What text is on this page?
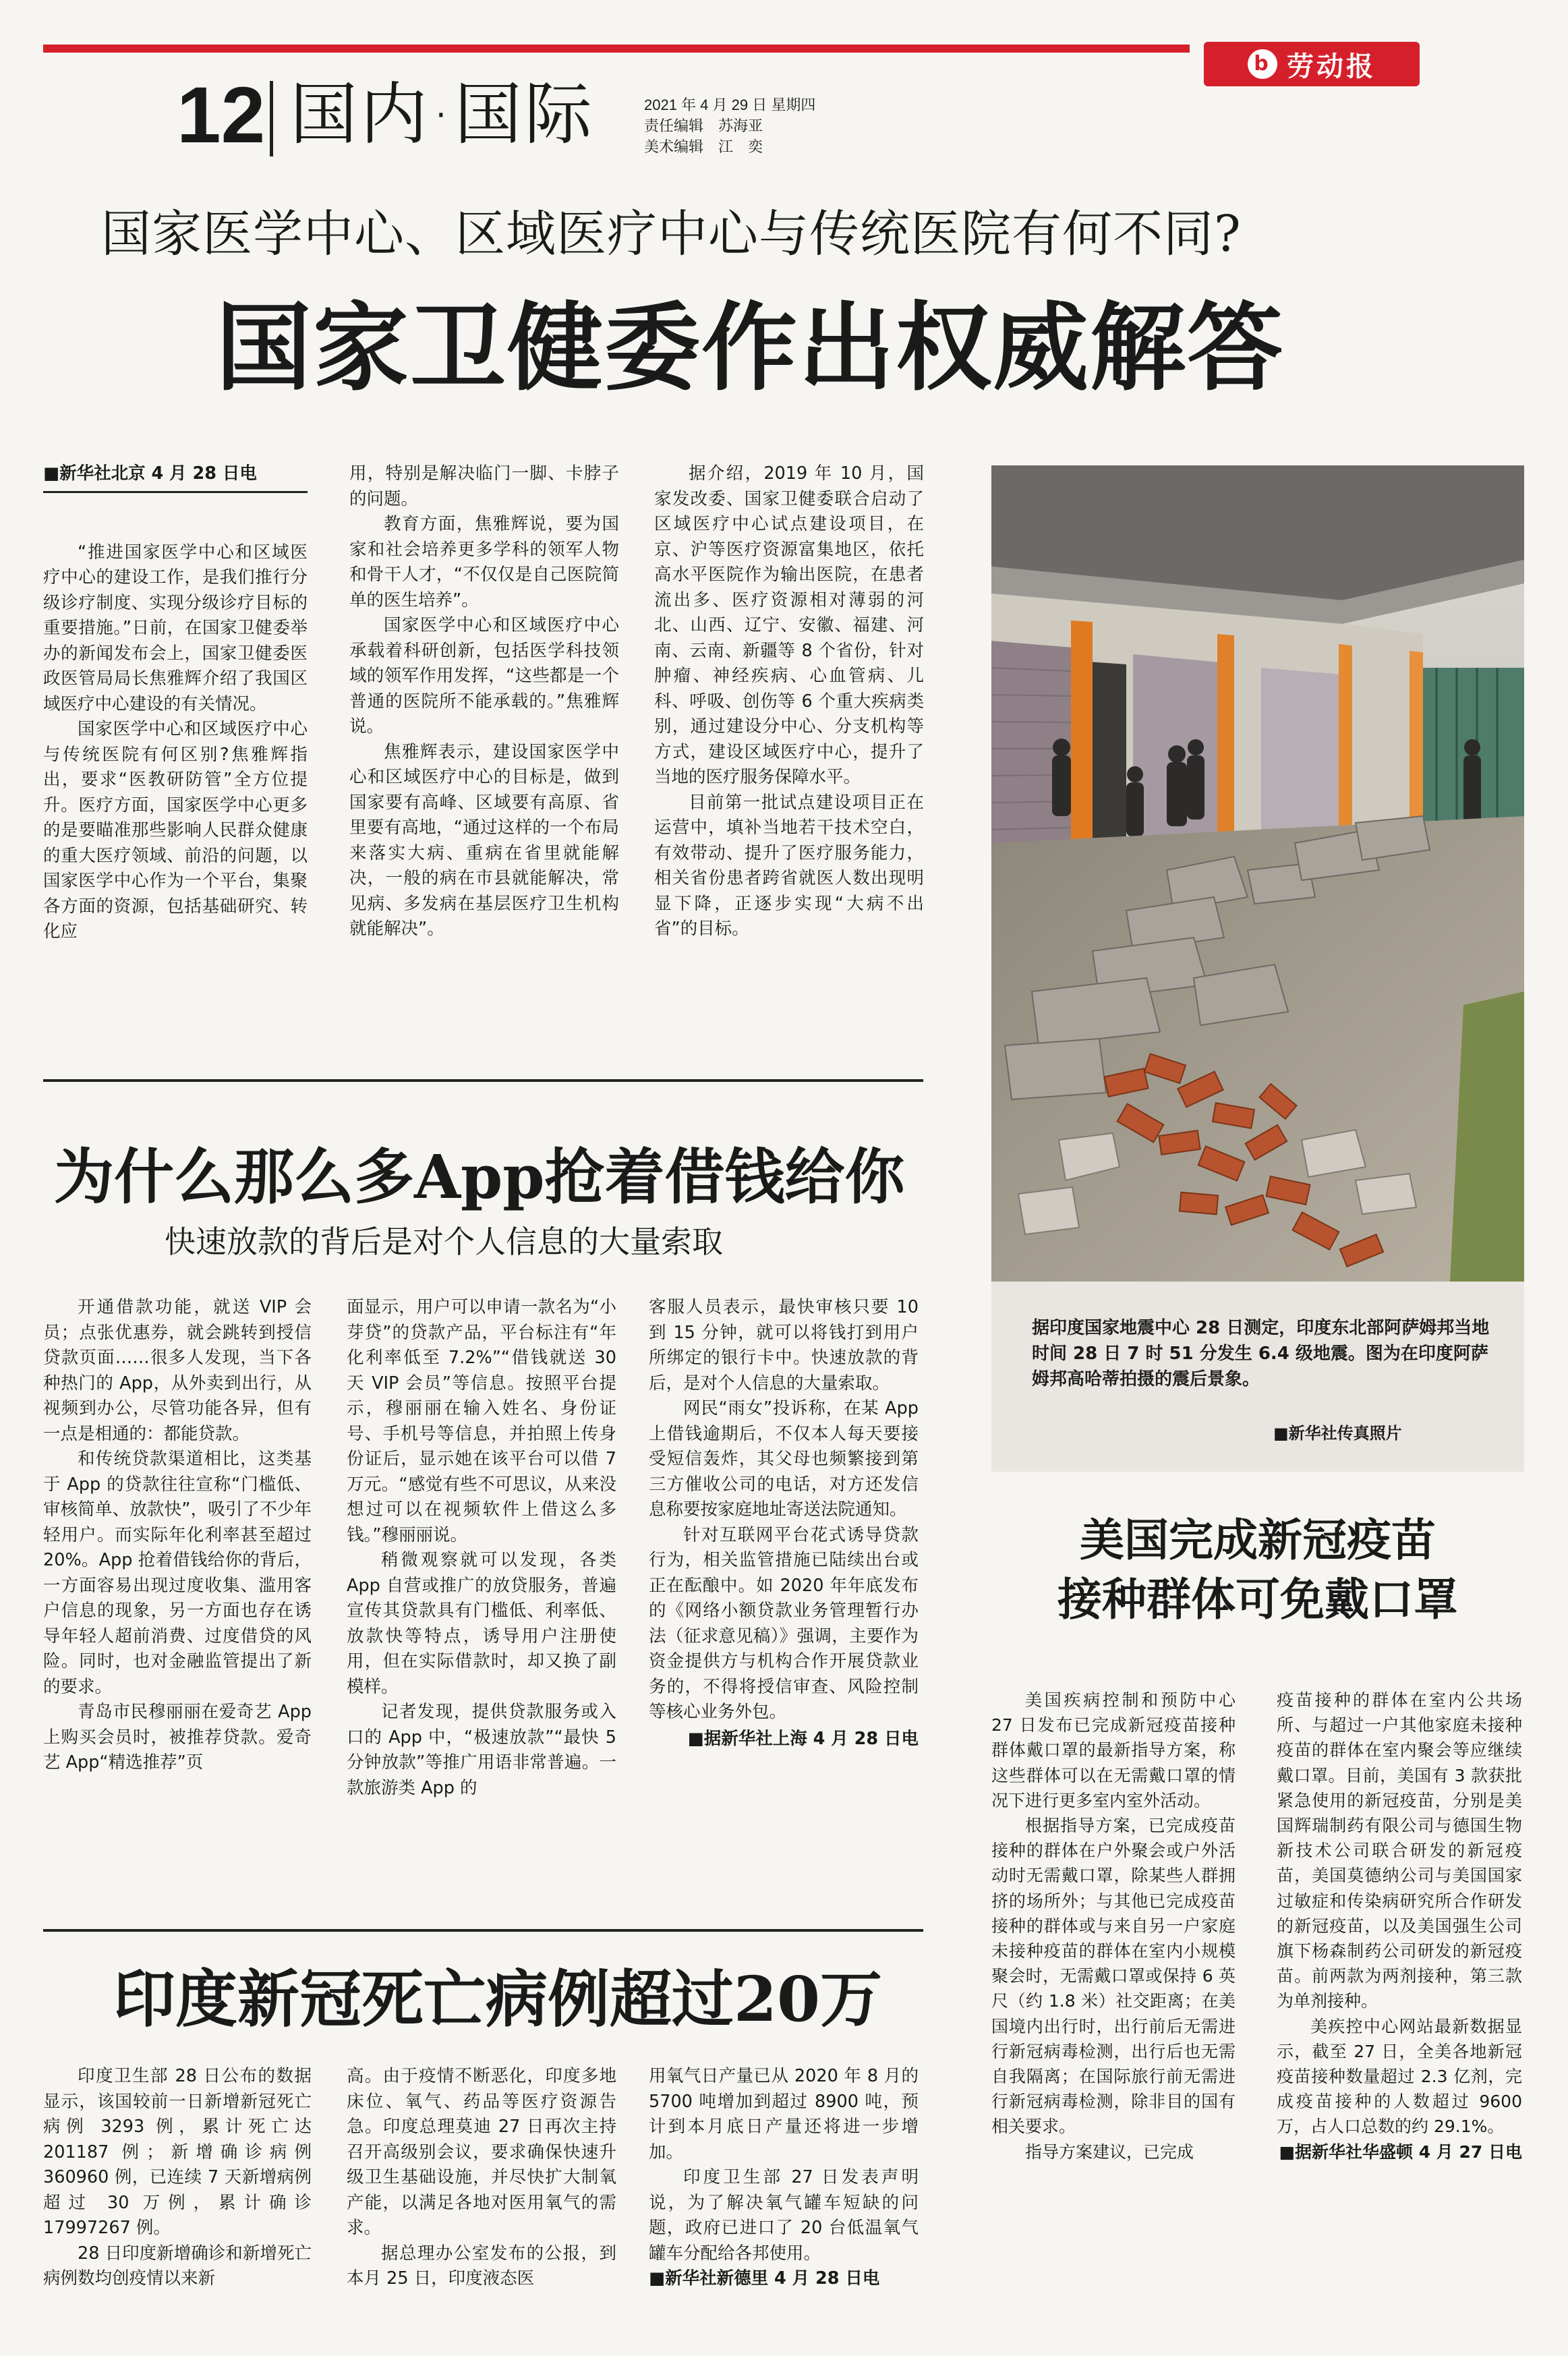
b 劳动报
12 国内·国际	2021 年 4 月 29 日 星期四
责任编辑　苏海亚
美术编辑　江　奕
国家医学中心、区域医疗中心与传统医院有何不同?
国家卫健委作出权威解答

■新华社北京 4 月 28 日电

“推进国家医学中心和区域医疗中心的建设工作，是我们推行分级诊疗制度、实现分级诊疗目标的重要措施。”日前，在国家卫健委举办的新闻发布会上，国家卫健委医政医管局局长焦雅辉介绍了我国区域医疗中心建设的有关情况。

国家医学中心和区域医疗中心与传统医院有何区别?焦雅辉指出，要求“医教研防管”全方位提升。医疗方面，国家医学中心更多的是要瞄准那些影响人民群众健康的重大医疗领域、前沿的问题，以国家医学中心作为一个平台，集聚各方面的资源，包括基础研究、转化应

用，特别是解决临门一脚、卡脖子的问题。

教育方面，焦雅辉说，要为国家和社会培养更多学科的领军人物和骨干人才，“不仅仅是自己医院简单的医生培养”。

国家医学中心和区域医疗中心承载着科研创新，包括医学科技领域的领军作用发挥，“这些都是一个普通的医院所不能承载的。”焦雅辉说。

焦雅辉表示，建设国家医学中心和区域医疗中心的目标是，做到国家要有高峰、区域要有高原、省里要有高地，“通过这样的一个布局来落实大病、重病在省里就能解决，一般的病在市县就能解决，常见病、多发病在基层医疗卫生机构就能解决”。

据介绍，2019 年 10 月，国家发改委、国家卫健委联合启动了区域医疗中心试点建设项目，在京、沪等医疗资源富集地区，依托高水平医院作为输出医院，在患者流出多、医疗资源相对薄弱的河北、山西、辽宁、安徽、福建、河南、云南、新疆等 8 个省份，针对肿瘤、神经疾病、心血管病、儿科、呼吸、创伤等 6 个重大疾病类别，通过建设分中心、分支机构等方式，建设区域医疗中心，提升了当地的医疗服务保障水平。

目前第一批试点建设项目正在运营中，填补当地若干技术空白，有效带动、提升了医疗服务能力，相关省份患者跨省就医人数出现明显下降，正逐步实现“大病不出省”的目标。

据印度国家地震中心 28 日测定，印度东北部阿萨姆邦当地时间 28 日 7 时 51 分发生 6.4 级地震。图为在印度阿萨姆邦高哈蒂拍摄的震后景象。
■新华社传真照片
为什么那么多App抢着借钱给你
快速放款的背后是对个人信息的大量索取

开通借款功能，就送 VIP 会员；点张优惠券，就会跳转到授信贷款页面……很多人发现，当下各种热门的 App，从外卖到出行，从视频到办公，尽管功能各异，但有一点是相通的：都能贷款。

和传统贷款渠道相比，这类基于 App 的贷款往往宣称“门槛低、审核简单、放款快”，吸引了不少年轻用户。而实际年化利率甚至超过 20%。App 抢着借钱给你的背后，一方面容易出现过度收集、滥用客户信息的现象，另一方面也存在诱导年轻人超前消费、过度借贷的风险。同时，也对金融监管提出了新的要求。

青岛市民穆丽丽在爱奇艺 App 上购买会员时，被推荐贷款。爱奇艺 App“精选推荐”页

面显示，用户可以申请一款名为“小芽贷”的贷款产品，平台标注有“年化利率低至 7.2%”“借钱就送 30 天 VIP 会员”等信息。按照平台提示，穆丽丽在输入姓名、身份证号、手机号等信息，并拍照上传身份证后，显示她在该平台可以借 7 万元。“感觉有些不可思议，从来没想过可以在视频软件上借这么多钱。”穆丽丽说。

稍微观察就可以发现，各类 App 自营或推广的放贷服务，普遍宣传其贷款具有门槛低、利率低、放款快等特点，诱导用户注册使用，但在实际借款时，却又换了副模样。

记者发现，提供贷款服务或入口的 App 中，“极速放款”“最快 5 分钟放款”等推广用语非常普遍。一款旅游类 App 的

客服人员表示，最快审核只要 10 到 15 分钟，就可以将钱打到用户所绑定的银行卡中。快速放款的背后，是对个人信息的大量索取。

网民“雨女”投诉称，在某 App 上借钱逾期后，不仅本人每天要接受短信轰炸，其父母也频繁接到第三方催收公司的电话，对方还发信息称要按家庭地址寄送法院通知。

针对互联网平台花式诱导贷款行为，相关监管措施已陆续出台或正在酝酿中。如 2020 年年底发布的《网络小额贷款业务管理暂行办法（征求意见稿）》强调，主要作为资金提供方与机构合作开展贷款业务的，不得将授信审查、风险控制等核心业务外包。

■据新华社上海 4 月 28 日电

美国完成新冠疫苗
接种群体可免戴口罩

美国疾病控制和预防中心 27 日发布已完成新冠疫苗接种群体戴口罩的最新指导方案，称这些群体可以在无需戴口罩的情况下进行更多室内室外活动。

根据指导方案，已完成疫苗接种的群体在户外聚会或户外活动时无需戴口罩，除某些人群拥挤的场所外；与其他已完成疫苗接种的群体或与来自另一户家庭未接种疫苗的群体在室内小规模聚会时，无需戴口罩或保持 6 英尺（约 1.8 米）社交距离；在美国境内出行时，出行前后无需进行新冠病毒检测，出行后也无需自我隔离；在国际旅行前无需进行新冠病毒检测，除非目的国有相关要求。

指导方案建议，已完成

疫苗接种的群体在室内公共场所、与超过一户其他家庭未接种疫苗的群体在室内聚会等应继续戴口罩。目前，美国有 3 款获批紧急使用的新冠疫苗，分别是美国辉瑞制药有限公司与德国生物新技术公司联合研发的新冠疫苗，美国莫德纳公司与美国国家过敏症和传染病研究所合作研发的新冠疫苗，以及美国强生公司旗下杨森制药公司研发的新冠疫苗。前两款为两剂接种，第三款为单剂接种。

美疾控中心网站最新数据显示，截至 27 日，全美各地新冠疫苗接种数量超过 2.3 亿剂，完成疫苗接种的人数超过 9600 万，占人口总数的约 29.1%。

■据新华社华盛顿 4 月 27 日电

印度新冠死亡病例超过20万

印度卫生部 28 日公布的数据显示，该国较前一日新增新冠死亡病例 3293 例，累计死亡达 201187 例；新增确诊病例 360960 例，已连续 7 天新增病例超过 30 万例，累计确诊 17997267 例。

28 日印度新增确诊和新增死亡病例数均创疫情以来新

高。由于疫情不断恶化，印度多地床位、氧气、药品等医疗资源告急。印度总理莫迪 27 日再次主持召开高级别会议，要求确保快速升级卫生基础设施，并尽快扩大制氧产能，以满足各地对医用氧气的需求。

据总理办公室发布的公报，到本月 25 日，印度液态医

用氧气日产量已从 2020 年 8 月的 5700 吨增加到超过 8900 吨，预计到本月底日产量还将进一步增加。

印度卫生部 27 日发表声明说，为了解决氧气罐车短缺的问题，政府已进口了 20 台低温氧气罐车分配给各邦使用。

■新华社新德里 4 月 28 日电
